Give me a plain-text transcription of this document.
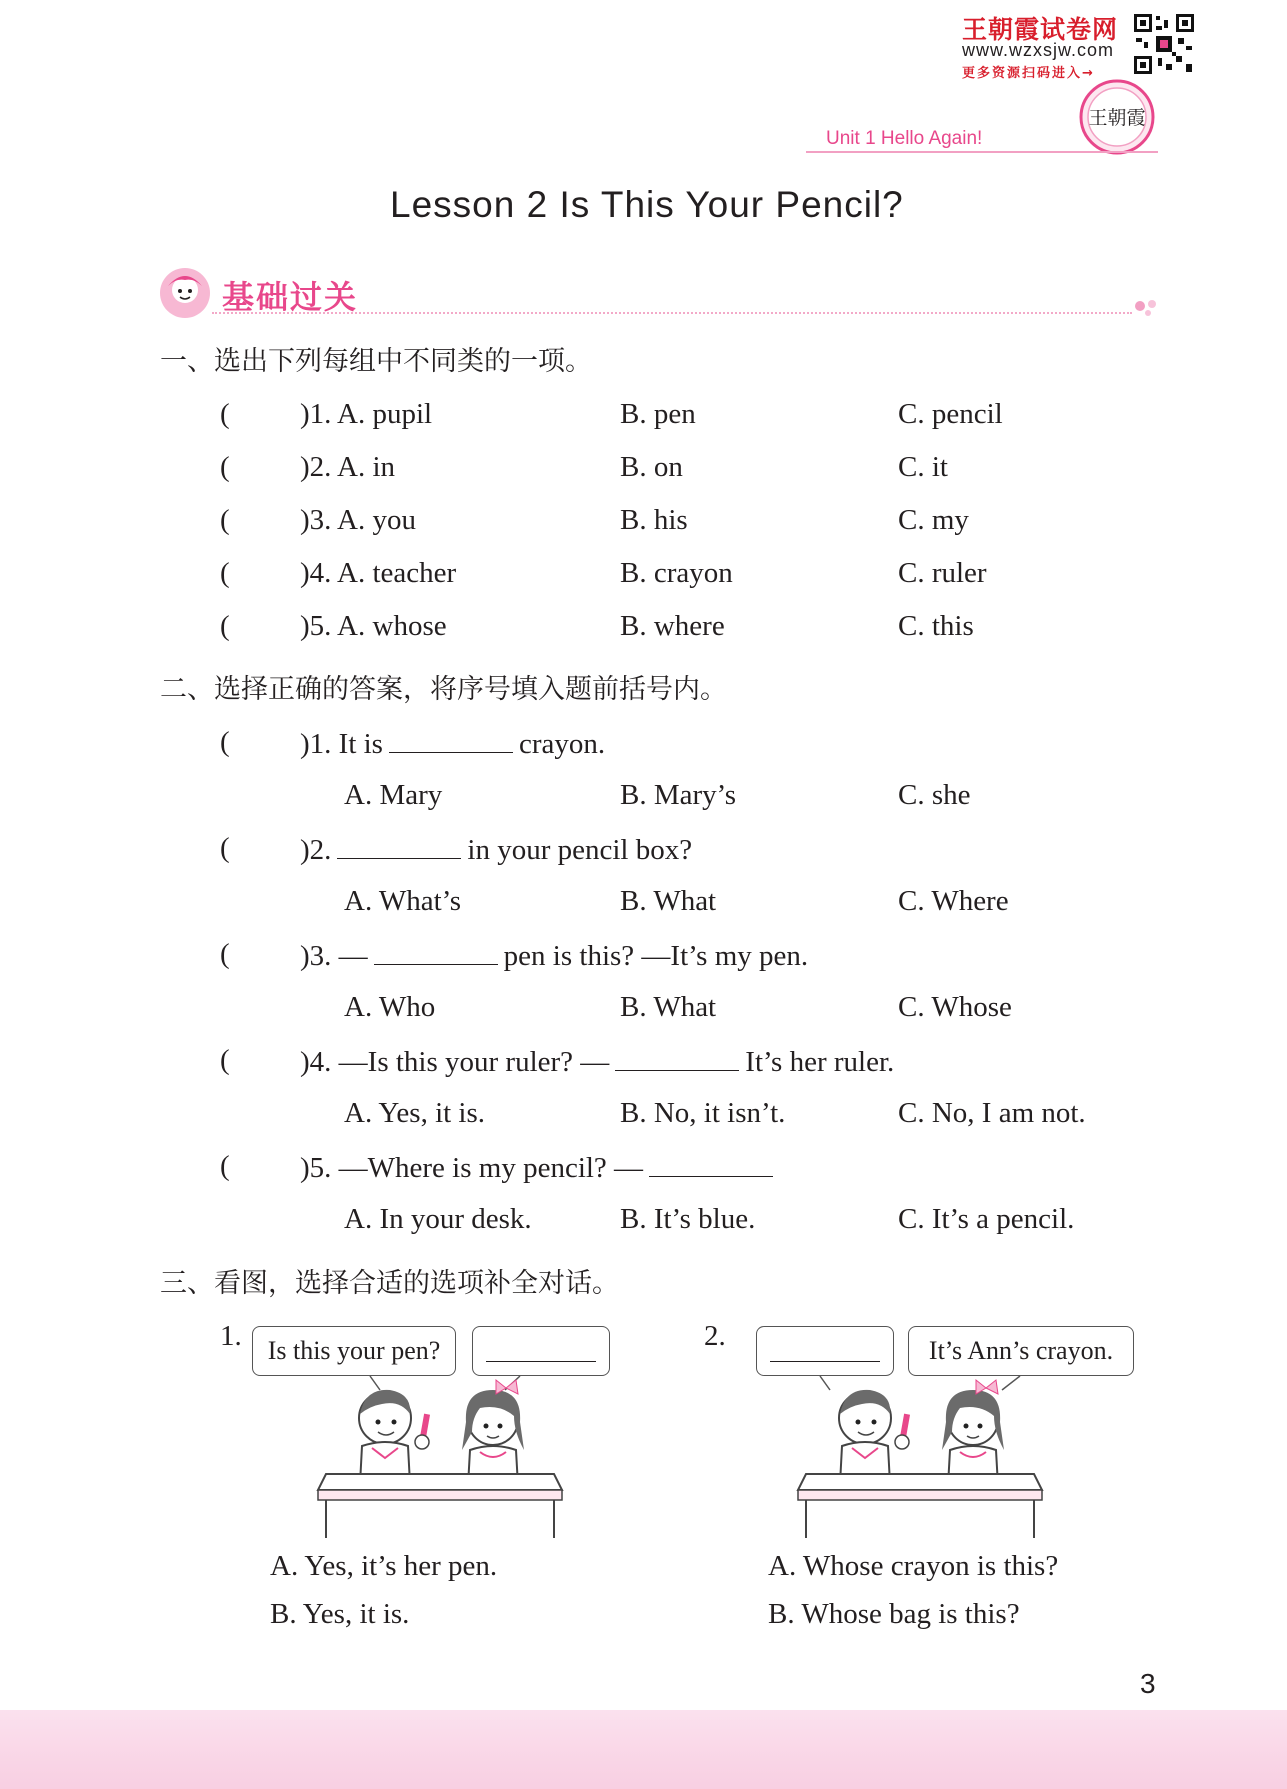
王朝霞试卷网
www.wzxsjw.com
更多资源扫码进入→
王朝霞
Unit 1 Hello Again!
Lesson 2 Is This Your Pencil?
基础过关
一、选出下列每组中不同类的一项。
( )1. A. pupil	B. pen	C. pencil
( )2. A. in	B. on	C. it
( )3. A. you	B. his	C. my
( )4. A. teacher	B. crayon	C. ruler
( )5. A. whose	B. where	C. this
二、选择正确的答案，将序号填入题前括号内。
( )1. It is	crayon.
A. Mary	B. Mary’s	C. she
( )2.	in your pencil box?
A. What’s	B. What	C. Where
( )3. —	pen is this? —It’s my pen.
A. Who	B. What	C. Whose
( )4. —Is this your ruler? —	It’s her ruler.
A. Yes, it is.	B. No, it isn’t.	C. No, I am not.
( )5. —Where is my pencil? —
A. In your desk.	B. It’s blue.	C. It’s a pencil.
三、看图，选择合适的选项补全对话。
1. Is this your pen?
A. Yes, it’s her pen.
B. Yes, it is.
2.	It’s Ann’s crayon.
A. Whose crayon is this?
B. Whose bag is this?
3
